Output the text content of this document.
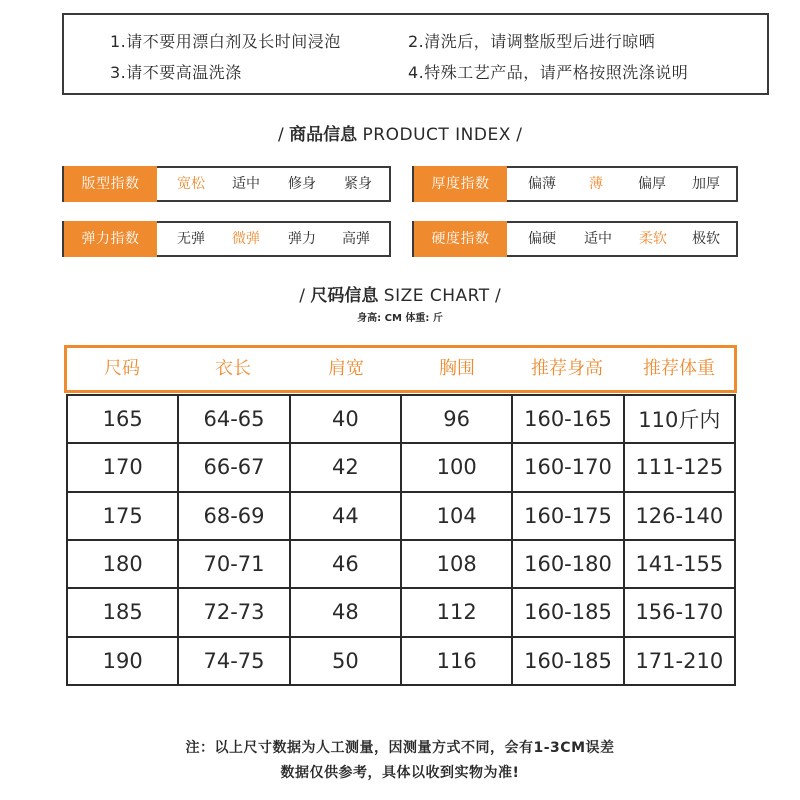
1.请不要用漂白剂及长时间浸泡	2.清洗后，请调整版型后进行晾晒
3.请不要高温洗涤	4.特殊工艺产品，请严格按照洗涤说明
/ 商品信息 PRODUCT INDEX /
版型指数	宽松	适中	修身	紧身	厚度指数	偏薄	薄	偏厚	加厚
弹力指数	无弹	微弹	弹力	高弹	硬度指数	偏硬	适中	柔软	极软
/ 尺码信息 SIZE CHART /
身高: CM 体重: 斤
尺码	衣长	肩宽	胸围	推荐身高	推荐体重
165	64-65	40	96	160-165	110斤内
170	66-67	42	100	160-170	111-125
175	68-69	44	104	160-175	126-140
180	70-71	46	108	160-180	141-155
185	72-73	48	112	160-185	156-170
190	74-75	50	116	160-185	171-210
注：以上尺寸数据为人工测量，因测量方式不同，会有1-3CM误差
数据仅供参考，具体以收到实物为准!
